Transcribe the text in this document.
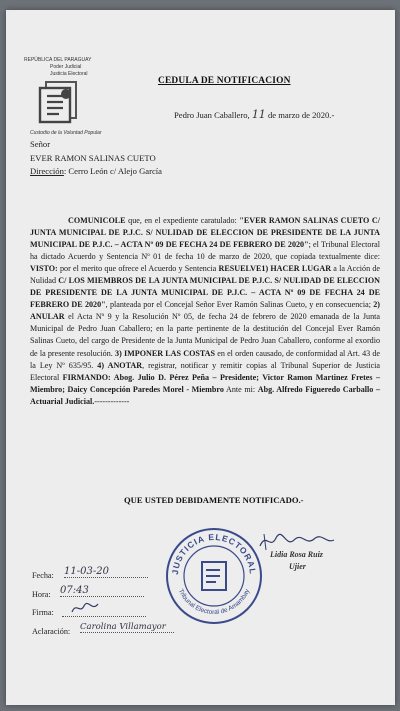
REPÚBLICA DEL PARAGUAY
Poder Judicial
Justicia Electoral
Custodio de la Voluntad Popular
CEDULA DE NOTIFICACION
Pedro Juan Caballero, 11 de marzo de 2020.-
Señor
EVER RAMON SALINAS CUETO
Dirección: Cerro León c/ Alejo García
COMUNICOLE que, en el expediente caratulado: "EVER RAMON SALINAS CUETO C/ JUNTA MUNICIPAL DE P.J.C. S/ NULIDAD DE ELECCION DE PRESIDENTE DE LA JUNTA MUNICIPAL DE P.J.C. – ACTA Nº 09 DE FECHA 24 DE FEBRERO DE 2020"; el Tribunal Electoral ha dictado Acuerdo y Sentencia Nº 01 de fecha 10 de marzo de 2020, que copiada textualmente dice: VISTO: por el merito que ofrece el Acuerdo y Sentencia RESUELVE1) HACER LUGAR a la Acción de Nulidad C/ LOS MIEMBROS DE LA JUNTA MUNICIPAL DE P.J.C. S/ NULIDAD DE ELECCION DE PRESIDENTE DE LA JUNTA MUNICIPAL DE P.J.C. – ACTA Nº 09 DE FECHA 24 DE FEBRERO DE 2020", planteada por el Concejal Señor Ever Ramón Salinas Cueto, y en consecuencia; 2) ANULAR el Acta Nº 9 y la Resolución Nº 05, de fecha 24 de febrero de 2020 emanada de la Junta Municipal de Pedro Juan Caballero; en la parte pertinente de la destitución del Concejal Ever Ramón Salinas Cueto, del cargo de Presidente de la Junta Municipal de Pedro Juan Caballero, conforme al exordio de la presente resolución. 3) IMPONER LAS COSTAS en el orden causado, de conformidad al Art. 43 de la Ley Nº 635/95. 4) ANOTAR, registrar, notificar y remitir copias al Tribunal Superior de Justicia Electoral FIRMANDO: Abog. Julio D. Pérez Peña – Presidente; Victor Ramon Martinez Fretes – Miembro; Daicy Concepción Paredes Morel - Miembro Ante mi: Abg. Alfredo Figueredo Carballo – Actuarial Judicial.-------------
QUE USTED DEBIDAMENTE NOTIFICADO.-
JUSTICIA ELECTORAL
Tribunal Electoral de Amambay
Lidia Rosa Ruiz
Ujier
Fecha: 11-03-20
Hora: 07:43
Firma:
Aclaración: Carolina Villamayor
